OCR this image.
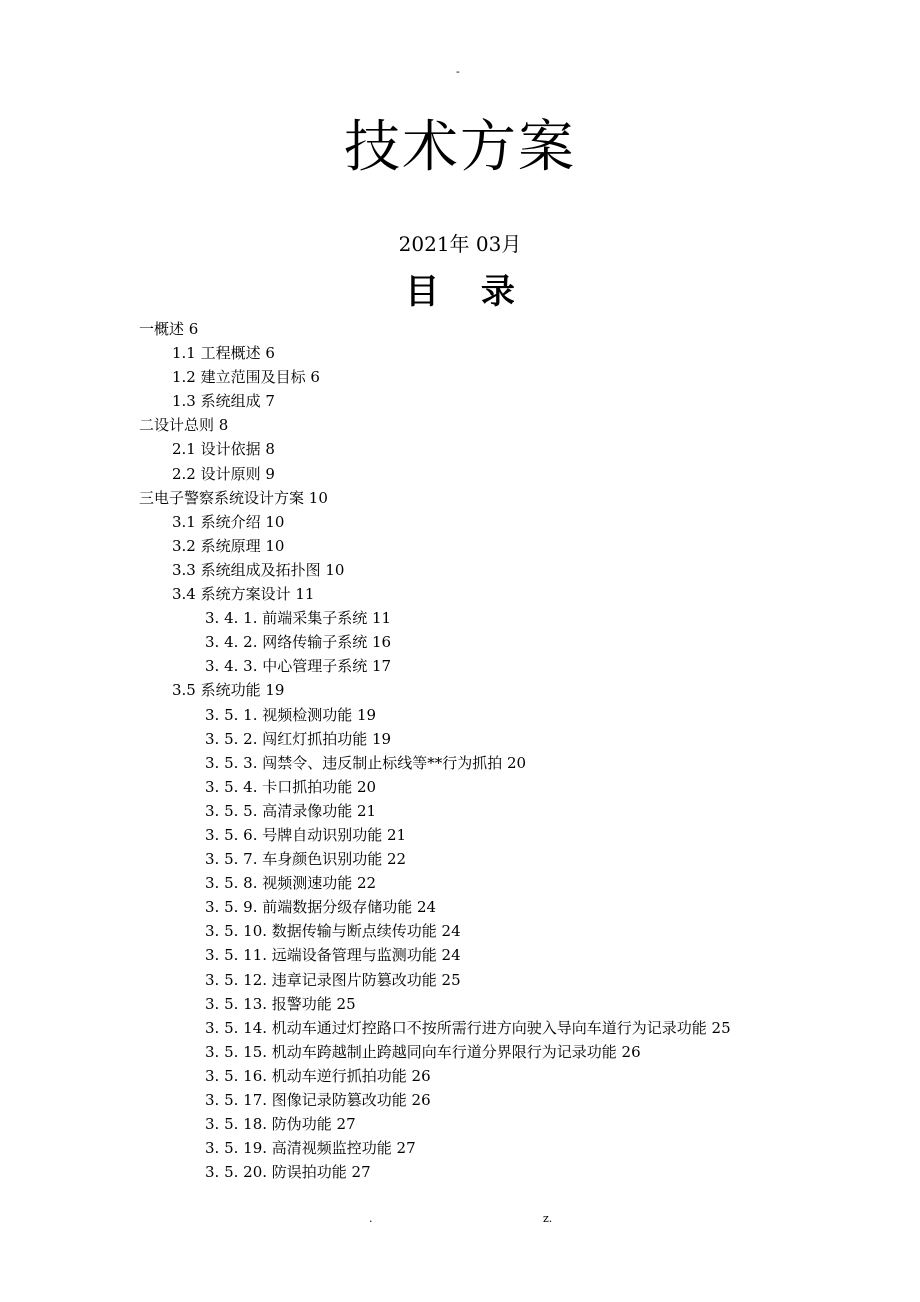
-
技术方案
2021年 03月
目 录
一概述 6
1.1 工程概述 6
1.2 建立范围及目标 6
1.3 系统组成 7
二设计总则 8
2.1 设计依据 8
2.2 设计原则 9
三电子警察系统设计方案 10
3.1 系统介绍 10
3.2 系统原理 10
3.3 系统组成及拓扑图 10
3.4 系统方案设计 11
3. 4. 1. 前端采集子系统 11
3. 4. 2. 网络传输子系统 16
3. 4. 3. 中心管理子系统 17
3.5 系统功能 19
3. 5. 1. 视频检测功能 19
3. 5. 2. 闯红灯抓拍功能 19
3. 5. 3. 闯禁令、违反制止标线等**行为抓拍 20
3. 5. 4. 卡口抓拍功能 20
3. 5. 5. 高清录像功能 21
3. 5. 6. 号牌自动识别功能 21
3. 5. 7. 车身颜色识别功能 22
3. 5. 8. 视频测速功能 22
3. 5. 9. 前端数据分级存储功能 24
3. 5. 10. 数据传输与断点续传功能 24
3. 5. 11. 远端设备管理与监测功能 24
3. 5. 12. 违章记录图片防篡改功能 25
3. 5. 13. 报警功能 25
3. 5. 14. 机动车通过灯控路口不按所需行进方向驶入导向车道行为记录功能 25
3. 5. 15. 机动车跨越制止跨越同向车行道分界限行为记录功能 26
3. 5. 16. 机动车逆行抓拍功能 26
3. 5. 17. 图像记录防篡改功能 26
3. 5. 18. 防伪功能 27
3. 5. 19. 高清视频监控功能 27
3. 5. 20. 防误拍功能 27
.	z.
